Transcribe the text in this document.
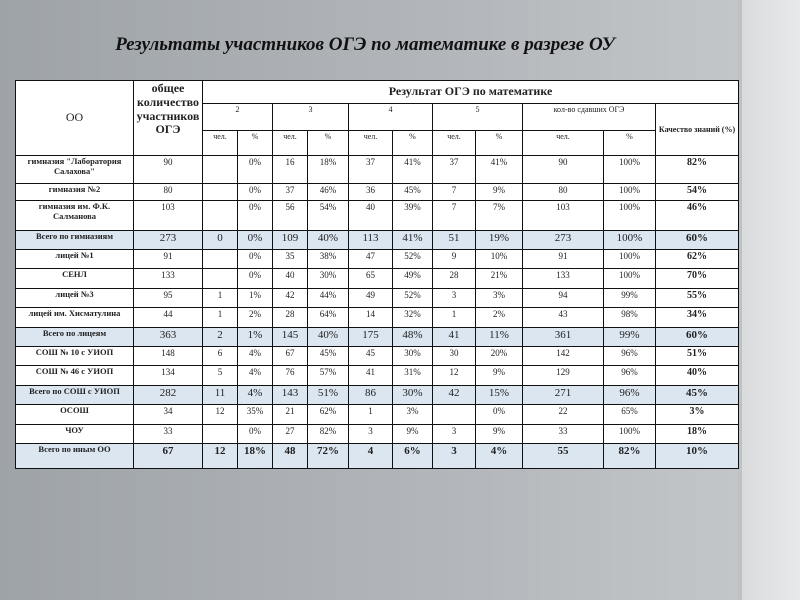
Результаты участников ОГЭ по математике в разрезе ОУ
ОО	общее количество участников ОГЭ	Результат ОГЭ по математике										
		2		3		4		5		кол-во сдавших ОГЭ		Качество знаний (%)
		чел.	%	чел.	%	чел.	%	чел.	%	чел.	%	
гимназия "Лаборатория Салахова"	90		0%	16	18%	37	41%	37	41%	90	100%	82%
гимназия №2	80		0%	37	46%	36	45%	7	9%	80	100%	54%
гимназия им. Ф.К. Салманова	103		0%	56	54%	40	39%	7	7%	103	100%	46%
Всего по гимназиям	273	0	0%	109	40%	113	41%	51	19%	273	100%	60%
лицей №1	91		0%	35	38%	47	52%	9	10%	91	100%	62%
СЕНЛ	133		0%	40	30%	65	49%	28	21%	133	100%	70%
лицей №3	95	1	1%	42	44%	49	52%	3	3%	94	99%	55%
лицей им. Хисматулина	44	1	2%	28	64%	14	32%	1	2%	43	98%	34%
Всего по лицеям	363	2	1%	145	40%	175	48%	41	11%	361	99%	60%
СОШ № 10 с УИОП	148	6	4%	67	45%	45	30%	30	20%	142	96%	51%
СОШ № 46 с УИОП	134	5	4%	76	57%	41	31%	12	9%	129	96%	40%
Всего по СОШ с УИОП	282	11	4%	143	51%	86	30%	42	15%	271	96%	45%
ОСОШ	34	12	35%	21	62%	1	3%		0%	22	65%	3%
ЧОУ	33		0%	27	82%	3	9%	3	9%	33	100%	18%
Всего по иным ОО	67	12	18%	48	72%	4	6%	3	4%	55	82%	10%
